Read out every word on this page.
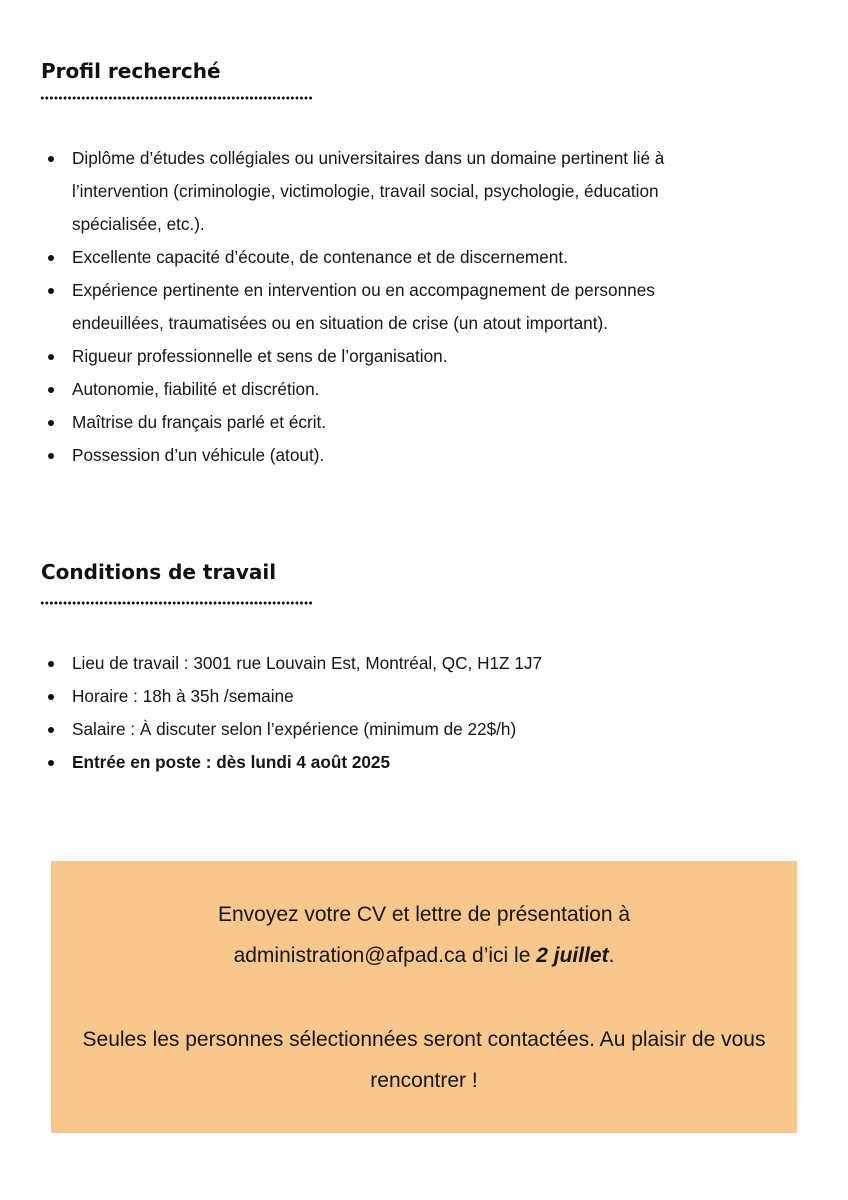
Profil recherché
Diplôme d’études collégiales ou universitaires dans un domaine pertinent lié à l’intervention (criminologie, victimologie, travail social, psychologie, éducation spécialisée, etc.).
Excellente capacité d’écoute, de contenance et de discernement.
Expérience pertinente en intervention ou en accompagnement de personnes endeuillées, traumatisées ou en situation de crise (un atout important).
Rigueur professionnelle et sens de l’organisation.
Autonomie, fiabilité et discrétion.
Maîtrise du français parlé et écrit.
Possession d’un véhicule (atout).
Conditions de travail
Lieu de travail : 3001 rue Louvain Est, Montréal, QC, H1Z 1J7
Horaire : 18h à 35h /semaine
Salaire : À discuter selon l’expérience (minimum de 22$/h)
Entrée en poste : dès lundi 4 août 2025

Envoyez votre CV et lettre de présentation à

administration@afpad.ca d’ici le 2 juillet.

Seules les personnes sélectionnées seront contactées. Au plaisir de vous rencontrer !
